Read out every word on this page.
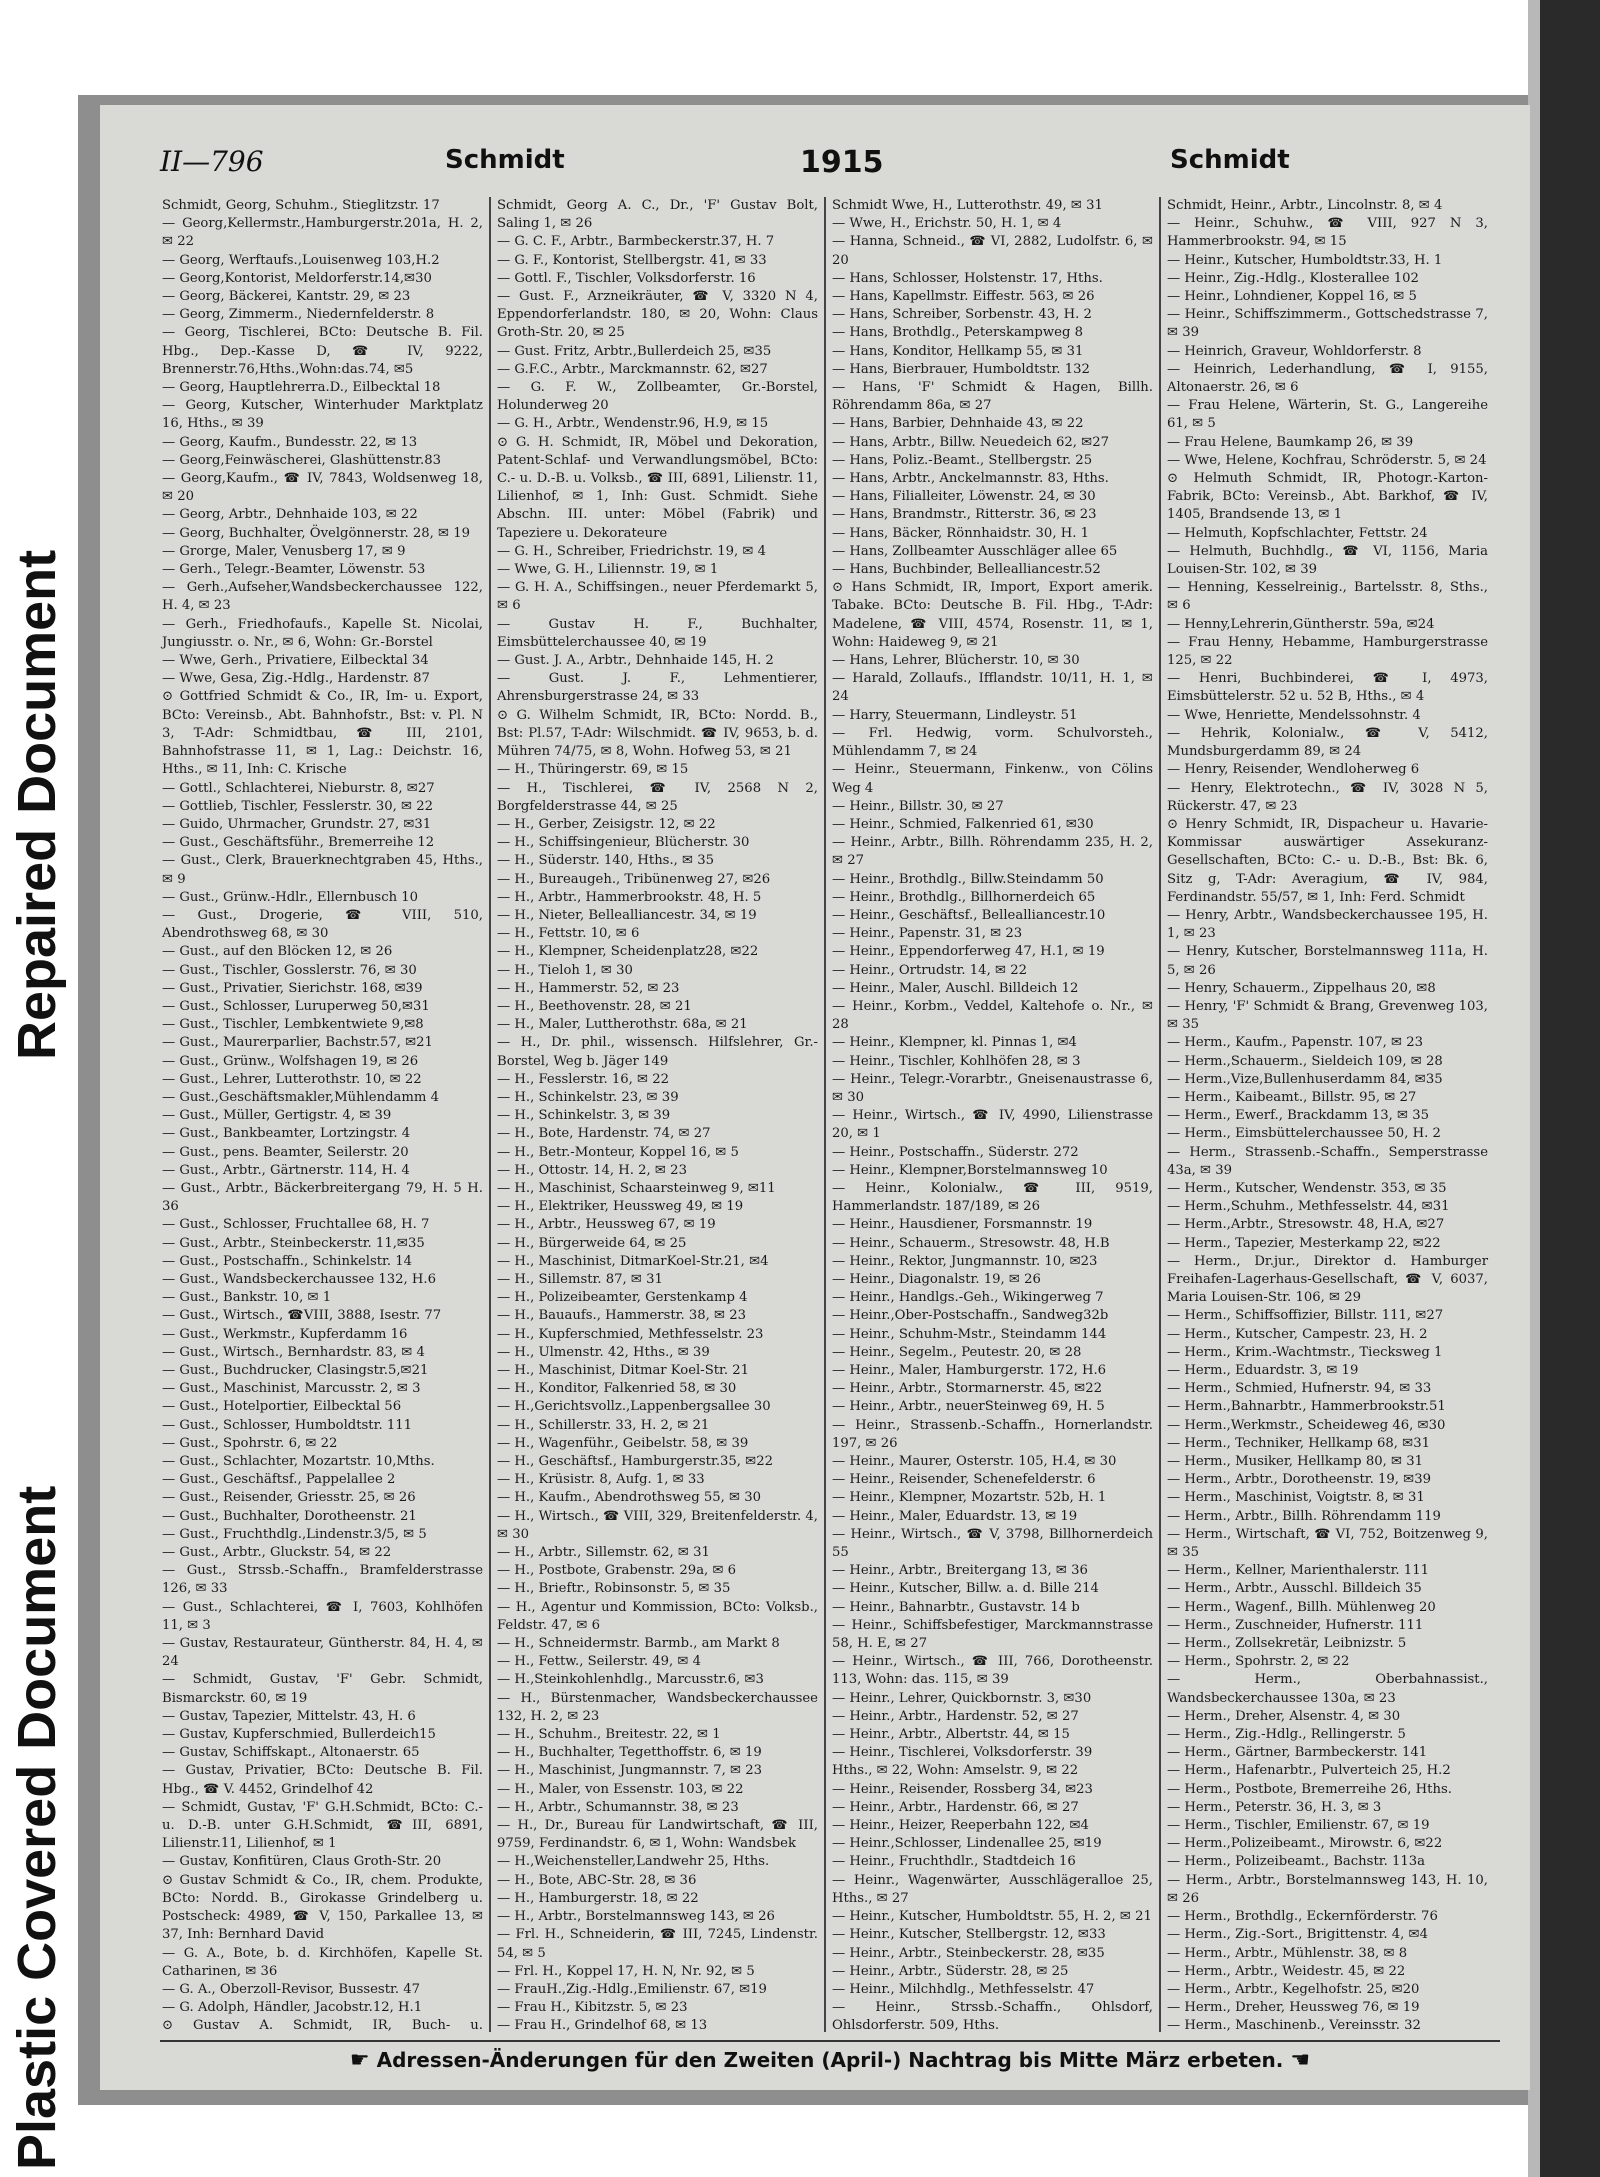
Repaired Document
Plastic Covered Document
II—796	Schmidt	1915	Schmidt

Schmidt, Georg, Schuhm., Stieglitzstr. 17

— Georg,Kellermstr.,Hamburgerstr.201a, H. 2, ✉ 22

— Georg, Werftaufs.,Louisenweg 103,H.2

— Georg,Kontorist, Meldorferstr.14,✉30

— Georg, Bäckerei, Kantstr. 29, ✉ 23

— Georg, Zimmerm., Niedernfelderstr. 8

— Georg, Tischlerei, BCto: Deutsche B. Fil. Hbg., Dep.-Kasse D, ☎ IV, 9222, Brennerstr.76,Hths.,Wohn:das.74, ✉5

— Georg, Hauptlehrerra.D., Eilbecktal 18

— Georg, Kutscher, Winterhuder Marktplatz 16, Hths., ✉ 39

— Georg, Kaufm., Bundesstr. 22, ✉ 13

— Georg,Feinwäscherei, Glashüttenstr.83

— Georg,Kaufm., ☎ IV, 7843, Woldsenweg 18, ✉ 20

— Georg, Arbtr., Dehnhaide 103, ✉ 22

— Georg, Buchhalter, Övelgönnerstr. 28, ✉ 19

— Grorge, Maler, Venusberg 17, ✉ 9

— Gerh., Telegr.-Beamter, Löwenstr. 53

— Gerh.,Aufseher,Wandsbeckerchaussee 122, H. 4, ✉ 23

— Gerh., Friedhofaufs., Kapelle St. Nicolai, Jungiusstr. o. Nr., ✉ 6, Wohn: Gr.-Borstel

— Wwe, Gerh., Privatiere, Eilbecktal 34

— Wwe, Gesa, Zig.-Hdlg., Hardenstr. 87

⊙ Gottfried Schmidt & Co., IR, Im- u. Export, BCto: Vereinsb., Abt. Bahnhofstr., Bst: v. Pl. N 3, T-Adr: Schmidtbau, ☎ III, 2101, Bahnhofstrasse 11, ✉ 1, Lag.: Deichstr. 16, Hths., ✉ 11, Inh: C. Krische

— Gottl., Schlachterei, Nieburstr. 8, ✉27

— Gottlieb, Tischler, Fesslerstr. 30, ✉ 22

— Guido, Uhrmacher, Grundstr. 27, ✉31

— Gust., Geschäftsführ., Bremerreihe 12

— Gust., Clerk, Brauerknechtgraben 45, Hths., ✉ 9

— Gust., Grünw.-Hdlr., Ellernbusch 10

— Gust., Drogerie, ☎ VIII, 510, Abendrothsweg 68, ✉ 30

— Gust., auf den Blöcken 12, ✉ 26

— Gust., Tischler, Gosslerstr. 76, ✉ 30

— Gust., Privatier, Sierichstr. 168, ✉39

— Gust., Schlosser, Luruperweg 50,✉31

— Gust., Tischler, Lembkentwiete 9,✉8

— Gust., Maurerparlier, Bachstr.57, ✉21

— Gust., Grünw., Wolfshagen 19, ✉ 26

— Gust., Lehrer, Lutterothstr. 10, ✉ 22

— Gust.,Geschäftsmakler,Mühlendamm 4

— Gust., Müller, Gertigstr. 4, ✉ 39

— Gust., Bankbeamter, Lortzingstr. 4

— Gust., pens. Beamter, Seilerstr. 20

— Gust., Arbtr., Gärtnerstr. 114, H. 4

— Gust., Arbtr., Bäckerbreitergang 79, H. 5 H. 36

— Gust., Schlosser, Fruchtallee 68, H. 7

— Gust., Arbtr., Steinbeckerstr. 11,✉35

— Gust., Postschaffn., Schinkelstr. 14

— Gust., Wandsbeckerchaussee 132, H.6

— Gust., Bankstr. 10, ✉ 1

— Gust., Wirtsch., ☎VIII, 3888, Isestr. 77

— Gust., Werkmstr., Kupferdamm 16

— Gust., Wirtsch., Bernhardstr. 83, ✉ 4

— Gust., Buchdrucker, Clasingstr.5,✉21

— Gust., Maschinist, Marcusstr. 2, ✉ 3

— Gust., Hotelportier, Eilbecktal 56

— Gust., Schlosser, Humboldtstr. 111

— Gust., Spohrstr. 6, ✉ 22

— Gust., Schlachter, Mozartstr. 10,Mths.

— Gust., Geschäftsf., Pappelallee 2

— Gust., Reisender, Griesstr. 25, ✉ 26

— Gust., Buchhalter, Dorotheenstr. 21

— Gust., Fruchthdlg.,Lindenstr.3/5, ✉ 5

— Gust., Arbtr., Gluckstr. 54, ✉ 22

— Gust., Strssb.-Schaffn., Bramfelderstrasse 126, ✉ 33

— Gust., Schlachterei, ☎ I, 7603, Kohlhöfen 11, ✉ 3

— Gustav, Restaurateur, Güntherstr. 84, H. 4, ✉ 24

— Schmidt, Gustav, 'F' Gebr. Schmidt, Bismarckstr. 60, ✉ 19

— Gustav, Tapezier, Mittelstr. 43, H. 6

— Gustav, Kupferschmied, Bullerdeich15

— Gustav, Schiffskapt., Altonaerstr. 65

— Gustav, Privatier, BCto: Deutsche B. Fil. Hbg., ☎ V. 4452, Grindelhof 42

— Schmidt, Gustav, 'F' G.H.Schmidt, BCto: C.- u. D.-B. unter G.H.Schmidt, ☎III, 6891, Lilienstr.11, Lilienhof, ✉ 1

— Gustav, Konfitüren, Claus Groth-Str. 20

⊙ Gustav Schmidt & Co., IR, chem. Produkte, BCto: Nordd. B., Girokasse Grindelberg u. Postscheck: 4989, ☎ V, 150, Parkallee 13, ✉ 37, Inh: Bernhard David

— G. A., Bote, b. d. Kirchhöfen, Kapelle St. Catharinen, ✉ 36

— G. A., Oberzoll-Revisor, Bussestr. 47

— G. Adolph, Händler, Jacobstr.12, H.1

⊙ Gustav A. Schmidt, IR, Buch- u.

Schmidt, Georg A. C., Dr., 'F' Gustav Bolt, Saling 1, ✉ 26

— G. C. F., Arbtr., Barmbeckerstr.37, H. 7

— G. F., Kontorist, Stellbergstr. 41, ✉ 33

— Gottl. F., Tischler, Volksdorferstr. 16

— Gust. F., Arzneikräuter, ☎ V, 3320 N 4, Eppendorferlandstr. 180, ✉ 20, Wohn: Claus Groth-Str. 20, ✉ 25

— Gust. Fritz, Arbtr.,Bullerdeich 25, ✉35

— G.F.C., Arbtr., Marckmannstr. 62, ✉27

— G. F. W., Zollbeamter, Gr.-Borstel, Holunderweg 20

— G. H., Arbtr., Wendenstr.96, H.9, ✉ 15

⊙ G. H. Schmidt, IR, Möbel und Dekoration, Patent-Schlaf- und Verwandlungsmöbel, BCto: C.- u. D.-B. u. Volksb., ☎ III, 6891, Lilienstr. 11, Lilienhof, ✉ 1, Inh: Gust. Schmidt. Siehe Abschn. III. unter: Möbel (Fabrik) und Tapeziere u. Dekorateure

— G. H., Schreiber, Friedrichstr. 19, ✉ 4

— Wwe, G. H., Liliennstr. 19, ✉ 1

— G. H. A., Schiffsingen., neuer Pferdemarkt 5, ✉ 6

— Gustav H. F., Buchhalter, Eimsbüttelerchaussee 40, ✉ 19

— Gust. J. A., Arbtr., Dehnhaide 145, H. 2

— Gust. J. F., Lehmentierer, Ahrensburgerstrasse 24, ✉ 33

⊙ G. Wilhelm Schmidt, IR, BCto: Nordd. B., Bst: Pl.57, T-Adr: Wilschmidt. ☎ IV, 9653, b. d. Mühren 74/75, ✉ 8, Wohn. Hofweg 53, ✉ 21

— H., Thüringerstr. 69, ✉ 15

— H., Tischlerei, ☎ IV, 2568 N 2, Borgfelderstrasse 44, ✉ 25

— H., Gerber, Zeisigstr. 12, ✉ 22

— H., Schiffsingenieur, Blücherstr. 30

— H., Süderstr. 140, Hths., ✉ 35

— H., Bureaugeh., Tribünenweg 27, ✉26

— H., Arbtr., Hammerbrookstr. 48, H. 5

— H., Nieter, Bellealliancestr. 34, ✉ 19

— H., Fettstr. 10, ✉ 6

— H., Klempner, Scheidenplatz28, ✉22

— H., Tieloh 1, ✉ 30

— H., Hammerstr. 52, ✉ 23

— H., Beethovenstr. 28, ✉ 21

— H., Maler, Luttherothstr. 68a, ✉ 21

— H., Dr. phil., wissensch. Hilfslehrer, Gr.-Borstel, Weg b. Jäger 149

— H., Fesslerstr. 16, ✉ 22

— H., Schinkelstr. 23, ✉ 39

— H., Schinkelstr. 3, ✉ 39

— H., Bote, Hardenstr. 74, ✉ 27

— H., Betr.-Monteur, Koppel 16, ✉ 5

— H., Ottostr. 14, H. 2, ✉ 23

— H., Maschinist, Schaarsteinweg 9, ✉11

— H., Elektriker, Heussweg 49, ✉ 19

— H., Arbtr., Heussweg 67, ✉ 19

— H., Bürgerweide 64, ✉ 25

— H., Maschinist, DitmarKoel-Str.21, ✉4

— H., Sillemstr. 87, ✉ 31

— H., Polizeibeamter, Gerstenkamp 4

— H., Bauaufs., Hammerstr. 38, ✉ 23

— H., Kupferschmied, Methfesselstr. 23

— H., Ulmenstr. 42, Hths., ✉ 39

— H., Maschinist, Ditmar Koel-Str. 21

— H., Konditor, Falkenried 58, ✉ 30

— H.,Gerichtsvollz.,Lappenbergsallee 30

— H., Schillerstr. 33, H. 2, ✉ 21

— H., Wagenführ., Geibelstr. 58, ✉ 39

— H., Geschäftsf., Hamburgerstr.35, ✉22

— H., Krüsistr. 8, Aufg. 1, ✉ 33

— H., Kaufm., Abendrothsweg 55, ✉ 30

— H., Wirtsch., ☎ VIII, 329, Breitenfelderstr. 4, ✉ 30

— H., Arbtr., Sillemstr. 62, ✉ 31

— H., Postbote, Grabenstr. 29a, ✉ 6

— H., Brieftr., Robinsonstr. 5, ✉ 35

— H., Agentur und Kommission, BCto: Volksb., Feldstr. 47, ✉ 6

— H., Schneidermstr. Barmb., am Markt 8

— H., Fettw., Seilerstr. 49, ✉ 4

— H.,Steinkohlenhdlg., Marcusstr.6, ✉3

— H., Bürstenmacher, Wandsbeckerchaussee 132, H. 2, ✉ 23

— H., Schuhm., Breitestr. 22, ✉ 1

— H., Buchhalter, Tegetthoffstr. 6, ✉ 19

— H., Maschinist, Jungmannstr. 7, ✉ 23

— H., Maler, von Essenstr. 103, ✉ 22

— H., Arbtr., Schumannstr. 38, ✉ 23

— H., Dr., Bureau für Landwirtschaft, ☎ III, 9759, Ferdinandstr. 6, ✉ 1, Wohn: Wandsbek

— H.,Weichensteller,Landwehr 25, Hths.

— H., Bote, ABC-Str. 28, ✉ 36

— H., Hamburgerstr. 18, ✉ 22

— H., Arbtr., Borstelmannsweg 143, ✉ 26

— Frl. H., Schneiderin, ☎ III, 7245, Lindenstr. 54, ✉ 5

— Frl. H., Koppel 17, H. N, Nr. 92, ✉ 5

— FrauH.,Zig.-Hdlg.,Emilienstr. 67, ✉19

— Frau H., Kibitzstr. 5, ✉ 23

— Frau H., Grindelhof 68, ✉ 13

Schmidt Wwe, H., Lutterothstr. 49, ✉ 31

— Wwe, H., Erichstr. 50, H. 1, ✉ 4

— Hanna, Schneid., ☎ VI, 2882, Ludolfstr. 6, ✉ 20

— Hans, Schlosser, Holstenstr. 17, Hths.

— Hans, Kapellmstr. Eiffestr. 563, ✉ 26

— Hans, Schreiber, Sorbenstr. 43, H. 2

— Hans, Brothdlg., Peterskampweg 8

— Hans, Konditor, Hellkamp 55, ✉ 31

— Hans, Bierbrauer, Humboldtstr. 132

— Hans, 'F' Schmidt & Hagen, Billh. Röhrendamm 86a, ✉ 27

— Hans, Barbier, Dehnhaide 43, ✉ 22

— Hans, Arbtr., Billw. Neuedeich 62, ✉27

— Hans, Poliz.-Beamt., Stellbergstr. 25

— Hans, Arbtr., Anckelmannstr. 83, Hths.

— Hans, Filialleiter, Löwenstr. 24, ✉ 30

— Hans, Brandmstr., Ritterstr. 36, ✉ 23

— Hans, Bäcker, Rönnhaidstr. 30, H. 1

— Hans, Zollbeamter Ausschläger allee 65

— Hans, Buchbinder, Bellealliancestr.52

⊙ Hans Schmidt, IR, Import, Export amerik. Tabake. BCto: Deutsche B. Fil. Hbg., T-Adr: Madelene, ☎ VIII, 4574, Rosenstr. 11, ✉ 1, Wohn: Haideweg 9, ✉ 21

— Hans, Lehrer, Blücherstr. 10, ✉ 30

— Harald, Zollaufs., Ifflandstr. 10/11, H. 1, ✉ 24

— Harry, Steuermann, Lindleystr. 51

— Frl. Hedwig, vorm. Schulvorsteh., Mühlendamm 7, ✉ 24

— Heinr., Steuermann, Finkenw., von Cölins Weg 4

— Heinr., Billstr. 30, ✉ 27

— Heinr., Schmied, Falkenried 61, ✉30

— Heinr., Arbtr., Billh. Röhrendamm 235, H. 2, ✉ 27

— Heinr., Brothdlg., Billw.Steindamm 50

— Heinr., Brothdlg., Billhornerdeich 65

— Heinr., Geschäftsf., Bellealliancestr.10

— Heinr., Papenstr. 31, ✉ 23

— Heinr., Eppendorferweg 47, H.1, ✉ 19

— Heinr., Ortrudstr. 14, ✉ 22

— Heinr., Maler, Auschl. Billdeich 12

— Heinr., Korbm., Veddel, Kaltehofe o. Nr., ✉ 28

— Heinr., Klempner, kl. Pinnas 1, ✉4

— Heinr., Tischler, Kohlhöfen 28, ✉ 3

— Heinr., Telegr.-Vorarbtr., Gneisenaustrasse 6, ✉ 30

— Heinr., Wirtsch., ☎ IV, 4990, Lilienstrasse 20, ✉ 1

— Heinr., Postschaffn., Süderstr. 272

— Heinr., Klempner,Borstelmannsweg 10

— Heinr., Kolonialw., ☎ III, 9519, Hammerlandstr. 187/189, ✉ 26

— Heinr., Hausdiener, Forsmannstr. 19

— Heinr., Schauerm., Stresowstr. 48, H.B

— Heinr., Rektor, Jungmannstr. 10, ✉23

— Heinr., Diagonalstr. 19, ✉ 26

— Heinr., Handlgs.-Geh., Wikingerweg 7

— Heinr.,Ober-Postschaffn., Sandweg32b

— Heinr., Schuhm-Mstr., Steindamm 144

— Heinr., Segelm., Peutestr. 20, ✉ 28

— Heinr., Maler, Hamburgerstr. 172, H.6

— Heinr., Arbtr., Stormarnerstr. 45, ✉22

— Heinr., Arbtr., neuerSteinweg 69, H. 5

— Heinr., Strassenb.-Schaffn., Hornerlandstr. 197, ✉ 26

— Heinr., Maurer, Osterstr. 105, H.4, ✉ 30

— Heinr., Reisender, Schenefelderstr. 6

— Heinr., Klempner, Mozartstr. 52b, H. 1

— Heinr., Maler, Eduardstr. 13, ✉ 19

— Heinr., Wirtsch., ☎ V, 3798, Billhornerdeich 55

— Heinr., Arbtr., Breitergang 13, ✉ 36

— Heinr., Kutscher, Billw. a. d. Bille 214

— Heinr., Bahnarbtr., Gustavstr. 14 b

— Heinr., Schiffsbefestiger, Marckmannstrasse 58, H. E, ✉ 27

— Heinr., Wirtsch., ☎ III, 766, Dorotheenstr. 113, Wohn: das. 115, ✉ 39

— Heinr., Lehrer, Quickbornstr. 3, ✉30

— Heinr., Arbtr., Hardenstr. 52, ✉ 27

— Heinr., Arbtr., Albertstr. 44, ✉ 15

— Heinr., Tischlerei, Volksdorferstr. 39

Hths., ✉ 22, Wohn: Amselstr. 9, ✉ 22

— Heinr., Reisender, Rossberg 34, ✉23

— Heinr., Arbtr., Hardenstr. 66, ✉ 27

— Heinr., Heizer, Reeperbahn 122, ✉4

— Heinr.,Schlosser, Lindenallee 25, ✉19

— Heinr., Fruchthdlr., Stadtdeich 16

— Heinr., Wagenwärter, Ausschlägeralloe 25, Hths., ✉ 27

— Heinr., Kutscher, Humboldtstr. 55, H. 2, ✉ 21

— Heinr., Kutscher, Stellbergstr. 12, ✉33

— Heinr., Arbtr., Steinbeckerstr. 28, ✉35

— Heinr., Arbtr., Süderstr. 28, ✉ 25

— Heinr., Milchhdlg., Methfesselstr. 47

— Heinr., Strssb.-Schaffn., Ohlsdorf, Ohlsdorferstr. 509, Hths.

Schmidt, Heinr., Arbtr., Lincolnstr. 8, ✉ 4

— Heinr., Schuhw., ☎ VIII, 927 N 3, Hammerbrookstr. 94, ✉ 15

— Heinr., Kutscher, Humboldtstr.33, H. 1

— Heinr., Zig.-Hdlg., Klosterallee 102

— Heinr., Lohndiener, Koppel 16, ✉ 5

— Heinr., Schiffszimmerm., Gottschedstrasse 7, ✉ 39

— Heinrich, Graveur, Wohldorferstr. 8

— Heinrich, Lederhandlung, ☎ I, 9155, Altonaerstr. 26, ✉ 6

— Frau Helene, Wärterin, St. G., Langereihe 61, ✉ 5

— Frau Helene, Baumkamp 26, ✉ 39

— Wwe, Helene, Kochfrau, Schröderstr. 5, ✉ 24

⊙ Helmuth Schmidt, IR, Photogr.-Karton-Fabrik, BCto: Vereinsb., Abt. Barkhof, ☎ IV, 1405, Brandsende 13, ✉ 1

— Helmuth, Kopfschlachter, Fettstr. 24

— Helmuth, Buchhdlg., ☎ VI, 1156, Maria Louisen-Str. 102, ✉ 39

— Henning, Kesselreinig., Bartelsstr. 8, Sths., ✉ 6

— Henny,Lehrerin,Güntherstr. 59a, ✉24

— Frau Henny, Hebamme, Hamburgerstrasse 125, ✉ 22

— Henri, Buchbinderei, ☎ I, 4973, Eimsbüttelerstr. 52 u. 52 B, Hths., ✉ 4

— Wwe, Henriette, Mendelssohnstr. 4

— Hehrik, Kolonialw., ☎ V, 5412, Mundsburgerdamm 89, ✉ 24

— Henry, Reisender, Wendloherweg 6

— Henry, Elektrotechn., ☎ IV, 3028 N 5, Rückerstr. 47, ✉ 23

⊙ Henry Schmidt, IR, Dispacheur u. Havarie-Kommissar auswärtiger Assekuranz-Gesellschaften, BCto: C.- u. D.-B., Bst: Bk. 6, Sitz g, T-Adr: Averagium, ☎ IV, 984, Ferdinandstr. 55/57, ✉ 1, Inh: Ferd. Schmidt

— Henry, Arbtr., Wandsbeckerchaussee 195, H. 1, ✉ 23

— Henry, Kutscher, Borstelmannsweg 111a, H. 5, ✉ 26

— Henry, Schauerm., Zippelhaus 20, ✉8

— Henry, 'F' Schmidt & Brang, Grevenweg 103, ✉ 35

— Herm., Kaufm., Papenstr. 107, ✉ 23

— Herm.,Schauerm., Sieldeich 109, ✉ 28

— Herm.,Vize,Bullenhuserdamm 84, ✉35

— Herm., Kaibeamt., Billstr. 95, ✉ 27

— Herm., Ewerf., Brackdamm 13, ✉ 35

— Herm., Eimsbüttelerchaussee 50, H. 2

— Herm., Strassenb.-Schaffn., Semperstrasse 43a, ✉ 39

— Herm., Kutscher, Wendenstr. 353, ✉ 35

— Herm.,Schuhm., Methfesselstr. 44, ✉31

— Herm.,Arbtr., Stresowstr. 48, H.A, ✉27

— Herm., Tapezier, Mesterkamp 22, ✉22

— Herm., Dr.jur., Direktor d. Hamburger Freihafen-Lagerhaus-Gesellschaft, ☎ V, 6037, Maria Louisen-Str. 106, ✉ 29

— Herm., Schiffsoffizier, Billstr. 111, ✉27

— Herm., Kutscher, Campestr. 23, H. 2

— Herm., Krim.-Wachtmstr., Tiecksweg 1

— Herm., Eduardstr. 3, ✉ 19

— Herm., Schmied, Hufnerstr. 94, ✉ 33

— Herm.,Bahnarbtr., Hammerbrookstr.51

— Herm.,Werkmstr., Scheideweg 46, ✉30

— Herm., Techniker, Hellkamp 68, ✉31

— Herm., Musiker, Hellkamp 80, ✉ 31

— Herm., Arbtr., Dorotheenstr. 19, ✉39

— Herm., Maschinist, Voigtstr. 8, ✉ 31

— Herm., Arbtr., Billh. Röhrendamm 119

— Herm., Wirtschaft, ☎ VI, 752, Boitzenweg 9, ✉ 35

— Herm., Kellner, Marienthalerstr. 111

— Herm., Arbtr., Ausschl. Billdeich 35

— Herm., Wagenf., Billh. Mühlenweg 20

— Herm., Zuschneider, Hufnerstr. 111

— Herm., Zollsekretär, Leibnizstr. 5

— Herm., Spohrstr. 2, ✉ 22

— Herm., Oberbahnassist., Wandsbeckerchaussee 130a, ✉ 23

— Herm., Dreher, Alsenstr. 4, ✉ 30

— Herm., Zig.-Hdlg., Rellingerstr. 5

— Herm., Gärtner, Barmbeckerstr. 141

— Herm., Hafenarbtr., Pulverteich 25, H.2

— Herm., Postbote, Bremerreihe 26, Hths.

— Herm., Peterstr. 36, H. 3, ✉ 3

— Herm., Tischler, Emilienstr. 67, ✉ 19

— Herm.,Polizeibeamt., Mirowstr. 6, ✉22

— Herm., Polizeibeamt., Bachstr. 113a

— Herm., Arbtr., Borstelmannsweg 143, H. 10, ✉ 26

— Herm., Brothdlg., Eckernförderstr. 76

— Herm., Zig.-Sort., Brigittenstr. 4, ✉4

— Herm., Arbtr., Mühlenstr. 38, ✉ 8

— Herm., Arbtr., Weidestr. 45, ✉ 22

— Herm., Arbtr., Kegelhofstr. 25, ✉20

— Herm., Dreher, Heussweg 76, ✉ 19

— Herm., Maschinenb., Vereinsstr. 32

☛ Adressen-Änderungen für den Zweiten (April-) Nachtrag bis Mitte März erbeten. ☚
